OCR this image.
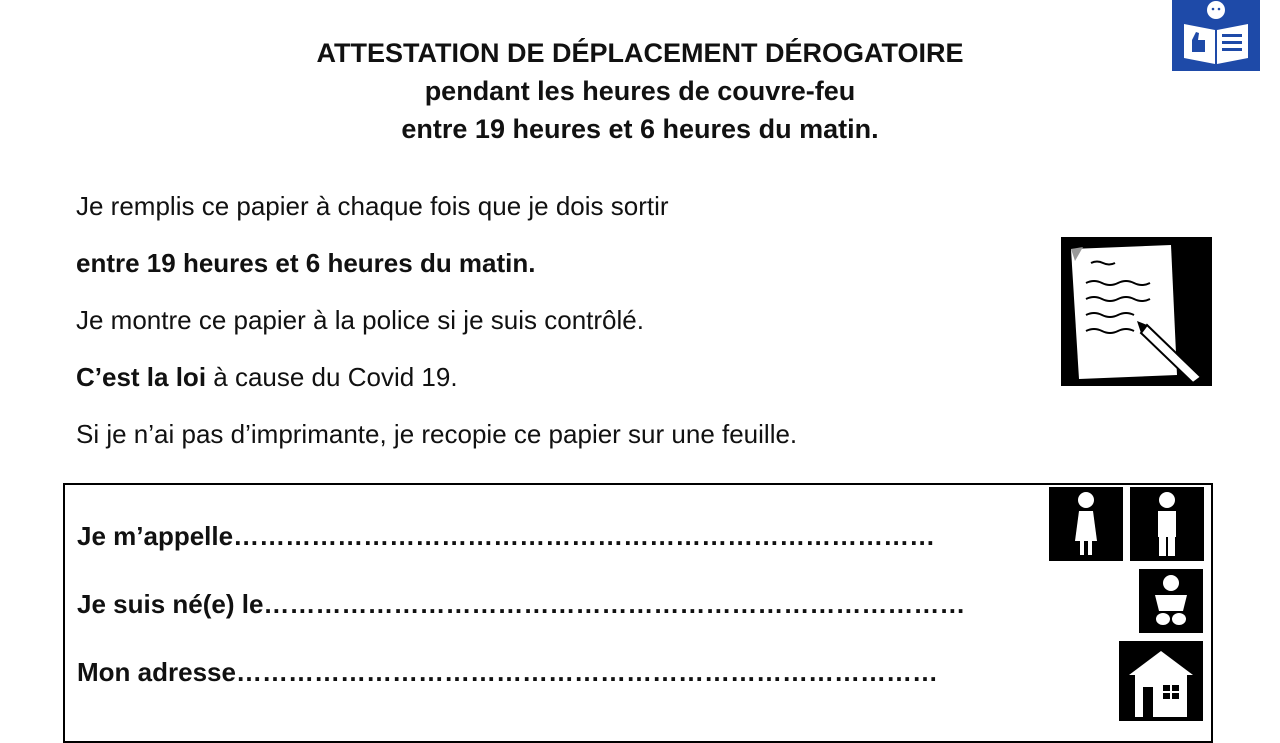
ATTESTATION DE DÉPLACEMENT DÉROGATOIRE
pendant les heures de couvre-feu
entre 19 heures et 6 heures du matin.

Je remplis ce papier à chaque fois que je dois sortir

entre 19 heures et 6 heures du matin.

Je montre ce papier à la police si je suis contrôlé.

C’est la loi à cause du Covid 19.

Si je n’ai pas d’imprimante, je recopie ce papier sur une feuille.

Je m’appelle………………………………………………………………………
Je suis né(e) le………………………………………………………………………
Mon adresse………………………………………………………………………
